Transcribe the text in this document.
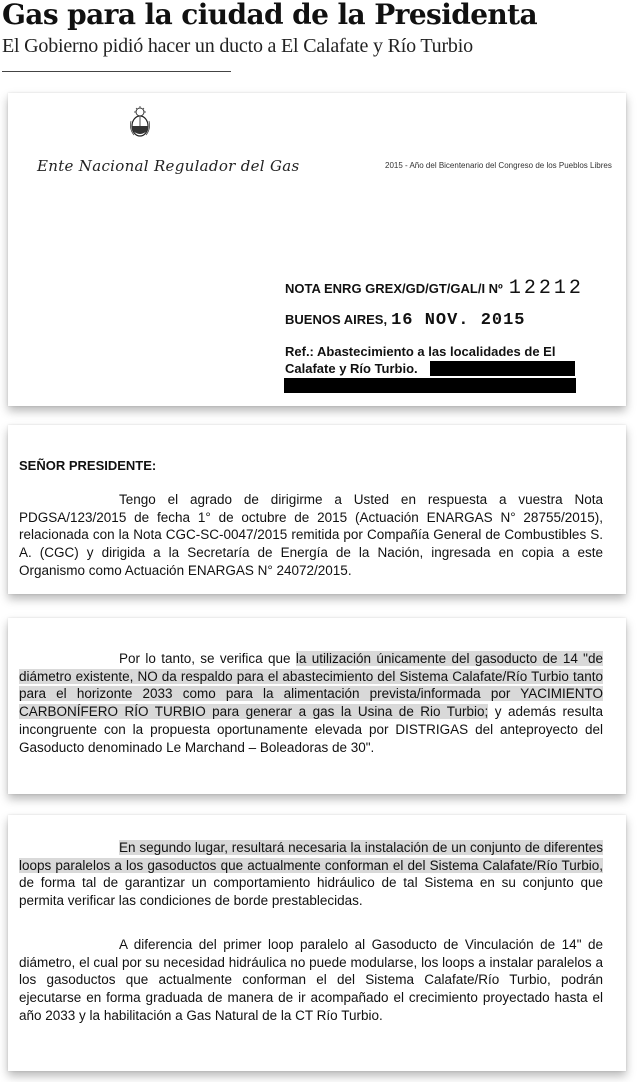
Gas para la ciudad de la Presidenta
El Gobierno pidió hacer un ducto a El Calafate y Río Turbio
Ente Nacional Regulador del Gas	2015 - Año del Bicentenario del Congreso de los Pueblos Libres
NOTA ENRG GREX/GD/GT/GAL/I Nº 12212
BUENOS AIRES, 16 NOV. 2015
Ref.: Abastecimiento a las localidades de El Calafate y Río Turbio.
SEÑOR PRESIDENTE:
Tengo el agrado de dirigirme a Usted en respuesta a vuestra Nota PDGSA/123/2015 de fecha 1° de octubre de 2015 (Actuación ENARGAS N° 28755/2015), relacionada con la Nota CGC-SC-0047/2015 remitida por Compañía General de Combustibles S. A. (CGC) y dirigida a la Secretaría de Energía de la Nación, ingresada en copia a este Organismo como Actuación ENARGAS N° 24072/2015.
Por lo tanto, se verifica que la utilización únicamente del gasoducto de 14 "de diámetro existente, NO da respaldo para el abastecimiento del Sistema Calafate/Río Turbio tanto para el horizonte 2033 como para la alimentación prevista/informada por YACIMIENTO CARBONÍFERO RÍO TURBIO para generar a gas la Usina de Rio Turbio; y además resulta incongruente con la propuesta oportunamente elevada por DISTRIGAS del anteproyecto del Gasoducto denominado Le Marchand – Boleadoras de 30".
En segundo lugar, resultará necesaria la instalación de un conjunto de diferentes loops paralelos a los gasoductos que actualmente conforman el del Sistema Calafate/Río Turbio, de forma tal de garantizar un comportamiento hidráulico de tal Sistema en su conjunto que permita verificar las condiciones de borde prestablecidas.
A diferencia del primer loop paralelo al Gasoducto de Vinculación de 14" de diámetro, el cual por su necesidad hidráulica no puede modularse, los loops a instalar paralelos a los gasoductos que actualmente conforman el del Sistema Calafate/Río Turbio, podrán ejecutarse en forma graduada de manera de ir acompañado el crecimiento proyectado hasta el año 2033 y la habilitación a Gas Natural de la CT Río Turbio.
